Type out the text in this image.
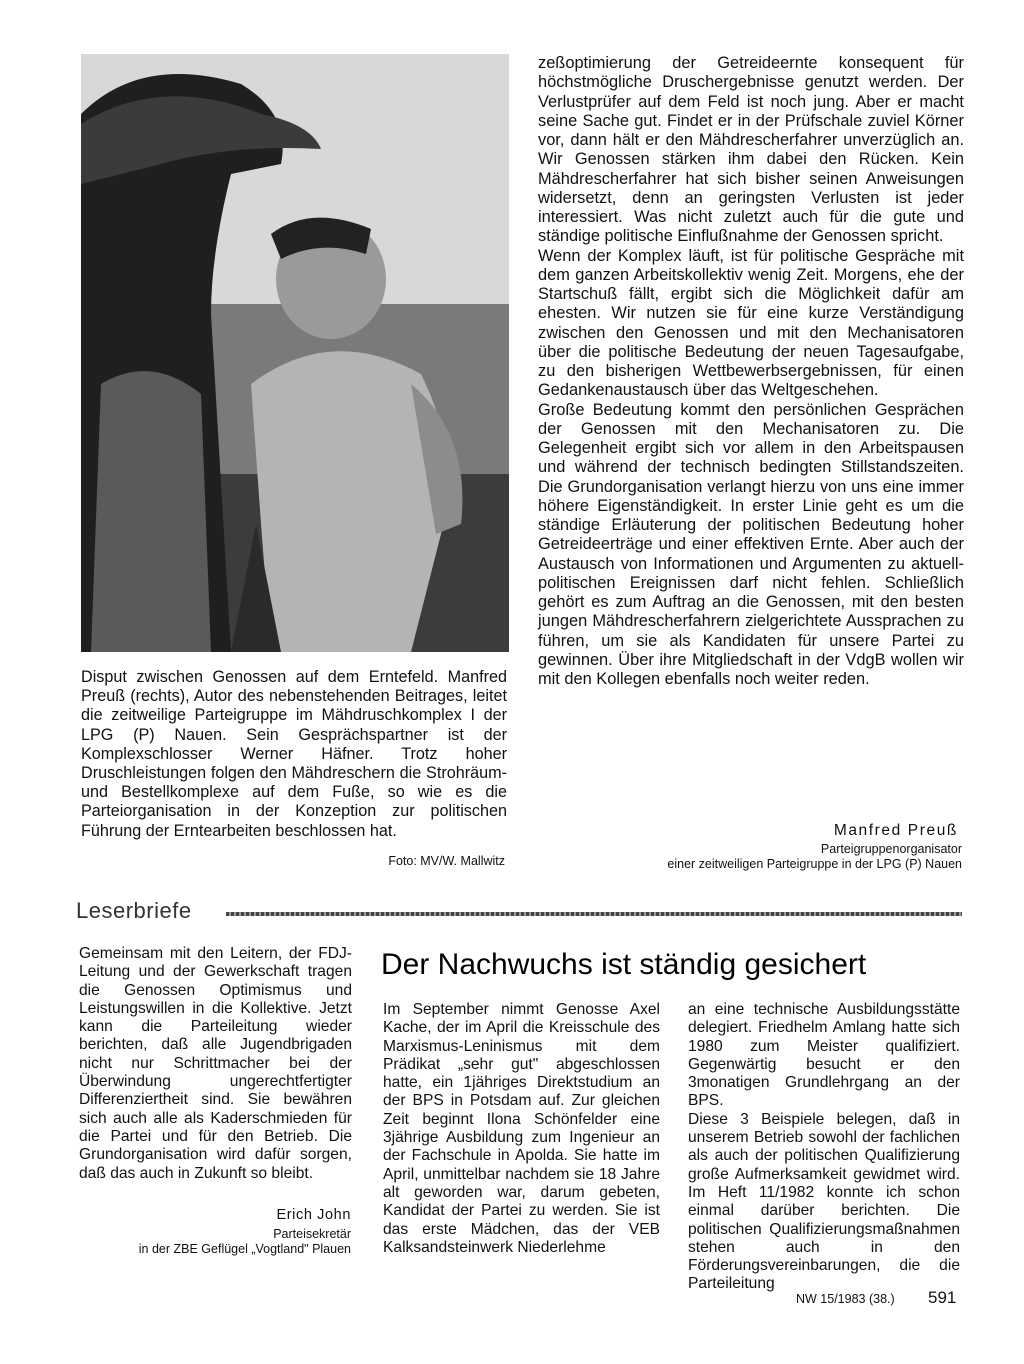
Disput zwischen Genossen auf dem Erntefeld. Manfred Preuß (rechts), Autor des nebenstehenden Beitrages, leitet die zeitweilige Parteigruppe im Mähdruschkomplex I der LPG (P) Nauen. Sein Gesprächspartner ist der Komplexschlosser Werner Häfner. Trotz hoher Druschleistungen folgen den Mähdreschern die Strohräum- und Bestellkomplexe auf dem Fuße, so wie es die Parteiorganisation in der Konzeption zur politischen Führung der Erntearbeiten beschlossen hat.
Foto: MV/W. Mallwitz

zeßoptimierung der Getreideernte konsequent für höchstmögliche Druschergebnisse genutzt werden. Der Verlustprüfer auf dem Feld ist noch jung. Aber er macht seine Sache gut. Findet er in der Prüfschale zuviel Körner vor, dann hält er den Mähdrescherfahrer unverzüglich an. Wir Genossen stärken ihm dabei den Rücken. Kein Mähdrescherfahrer hat sich bisher seinen Anweisungen widersetzt, denn an geringsten Verlusten ist jeder interessiert. Was nicht zuletzt auch für die gute und ständige politische Einflußnahme der Genossen spricht.

Wenn der Komplex läuft, ist für politische Gespräche mit dem ganzen Arbeitskollektiv wenig Zeit. Morgens, ehe der Startschuß fällt, ergibt sich die Möglichkeit dafür am ehesten. Wir nutzen sie für eine kurze Verständigung zwischen den Genossen und mit den Mechanisatoren über die politische Bedeutung der neuen Tagesaufgabe, zu den bisherigen Wettbewerbsergebnissen, für einen Gedankenaustausch über das Weltgeschehen.

Große Bedeutung kommt den persönlichen Gesprächen der Genossen mit den Mechanisatoren zu. Die Gelegenheit ergibt sich vor allem in den Arbeitspausen und während der technisch bedingten Stillstandszeiten. Die Grundorganisation verlangt hierzu von uns eine immer höhere Eigenständigkeit. In erster Linie geht es um die ständige Erläuterung der politischen Bedeutung hoher Getreideerträge und einer effektiven Ernte. Aber auch der Austausch von Informationen und Argumenten zu aktuell-politischen Ereignissen darf nicht fehlen. Schließlich gehört es zum Auftrag an die Genossen, mit den besten jungen Mähdrescherfahrern zielgerichtete Aussprachen zu führen, um sie als Kandidaten für unsere Partei zu gewinnen. Über ihre Mitgliedschaft in der VdgB wollen wir mit den Kollegen ebenfalls noch weiter reden.

Manfred Preuß
Parteigruppenorganisator
einer zeitweiligen Parteigruppe in der LPG (P) Nauen
Leserbriefe
Gemeinsam mit den Leitern, der FDJ-Leitung und der Gewerkschaft tragen die Genossen Optimismus und Leistungswillen in die Kollektive. Jetzt kann die Parteileitung wieder berichten, daß alle Jugendbrigaden nicht nur Schrittmacher bei der Überwindung ungerechtfertigter Differenziertheit sind. Sie bewähren sich auch alle als Kaderschmieden für die Partei und für den Betrieb. Die Grundorganisation wird dafür sorgen, daß das auch in Zukunft so bleibt.
Erich John
Parteisekretär
in der ZBE Geflügel „Vogtland" Plauen
Der Nachwuchs ist ständig gesichert
Im September nimmt Genosse Axel Kache, der im April die Kreisschule des Marxismus-Leninismus mit dem Prädikat „sehr gut" abgeschlossen hatte, ein 1jähriges Direktstudium an der BPS in Potsdam auf. Zur gleichen Zeit beginnt Ilona Schönfelder eine 3jährige Ausbildung zum Ingenieur an der Fachschule in Apolda. Sie hatte im April, unmittelbar nachdem sie 18 Jahre alt geworden war, darum gebeten, Kandidat der Partei zu werden. Sie ist das erste Mädchen, das der VEB Kalksandsteinwerk Niederlehme

an eine technische Ausbildungsstätte delegiert. Friedhelm Amlang hatte sich 1980 zum Meister qualifiziert. Gegenwärtig besucht er den 3monatigen Grundlehrgang an der BPS.

Diese 3 Beispiele belegen, daß in unserem Betrieb sowohl der fachlichen als auch der politischen Qualifizierung große Aufmerksamkeit gewidmet wird. Im Heft 11/1982 konnte ich schon einmal darüber berichten. Die politischen Qualifizierungsmaßnahmen stehen auch in den Förderungsvereinbarungen, die die Parteileitung

NW 15/1983 (38.) 591
